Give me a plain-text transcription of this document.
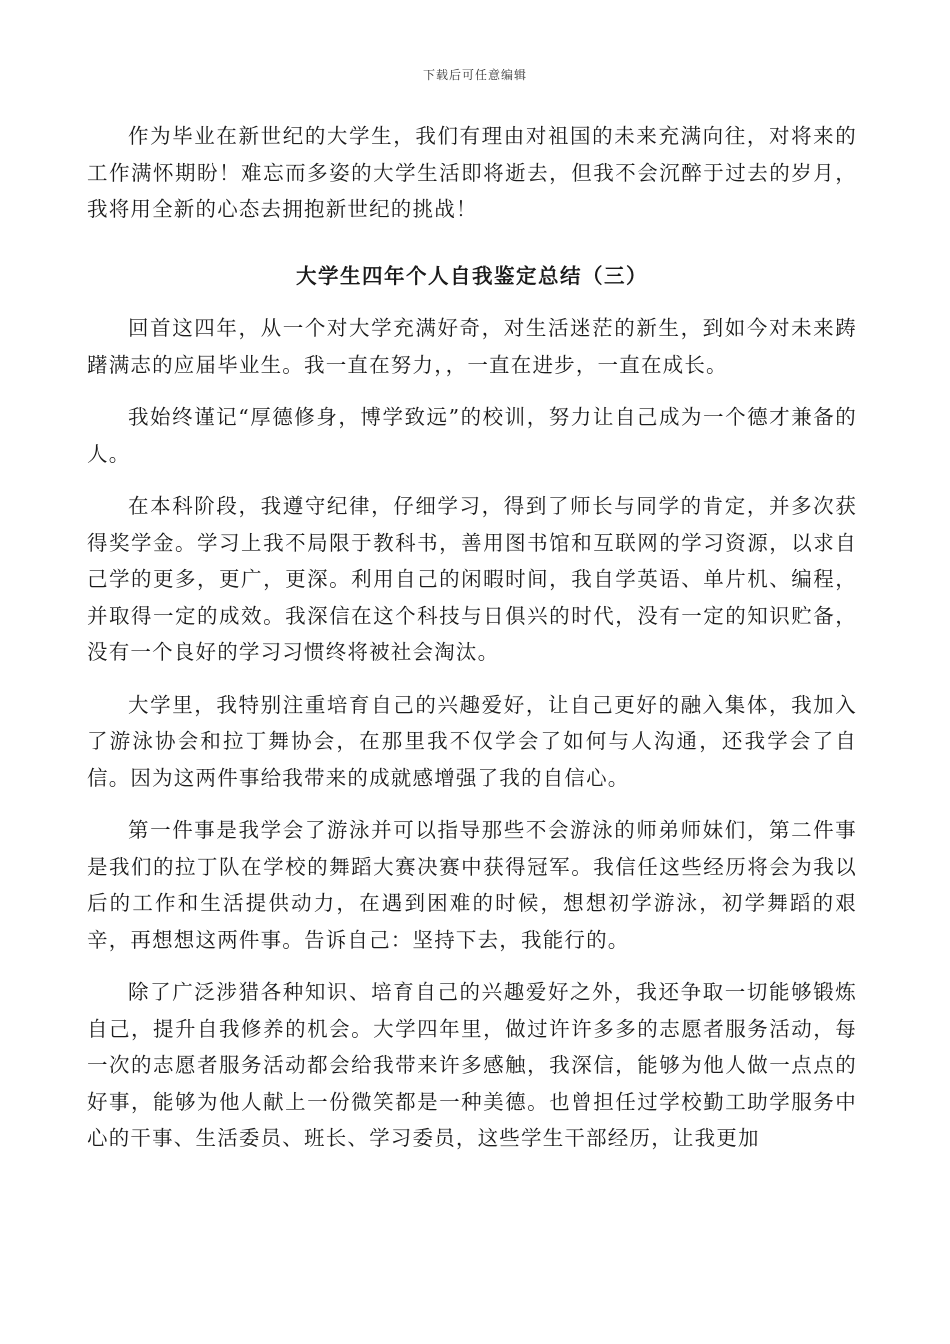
下载后可任意编辑

作为毕业在新世纪的大学生，我们有理由对祖国的未来充满向往，对将来的工作满怀期盼！难忘而多姿的大学生活即将逝去，但我不会沉醉于过去的岁月，我将用全新的心态去拥抱新世纪的挑战！

大学生四年个人自我鉴定总结（三）

回首这四年，从一个对大学充满好奇，对生活迷茫的新生，到如今对未来踌躇满志的应届毕业生。我一直在努力，，一直在进步，一直在成长。

我始终谨记“厚德修身，博学致远”的校训，努力让自己成为一个德才兼备的人。

在本科阶段，我遵守纪律，仔细学习，得到了师长与同学的肯定，并多次获得奖学金。学习上我不局限于教科书，善用图书馆和互联网的学习资源，以求自己学的更多，更广，更深。利用自己的闲暇时间，我自学英语、单片机、编程，并取得一定的成效。我深信在这个科技与日俱兴的时代，没有一定的知识贮备，没有一个良好的学习习惯终将被社会淘汰。

大学里，我特别注重培育自己的兴趣爱好，让自己更好的融入集体，我加入了游泳协会和拉丁舞协会，在那里我不仅学会了如何与人沟通，还我学会了自信。因为这两件事给我带来的成就感增强了我的自信心。

第一件事是我学会了游泳并可以指导那些不会游泳的师弟师妹们，第二件事是我们的拉丁队在学校的舞蹈大赛决赛中获得冠军。我信任这些经历将会为我以后的工作和生活提供动力，在遇到困难的时候，想想初学游泳，初学舞蹈的艰辛，再想想这两件事。告诉自己：坚持下去，我能行的。

除了广泛涉猎各种知识、培育自己的兴趣爱好之外，我还争取一切能够锻炼自己，提升自我修养的机会。大学四年里，做过许许多多的志愿者服务活动，每一次的志愿者服务活动都会给我带来许多感触，我深信，能够为他人做一点点的好事，能够为他人献上一份微笑都是一种美德。也曾担任过学校勤工助学服务中心的干事、生活委员、班长、学习委员，这些学生干部经历，让我更加
